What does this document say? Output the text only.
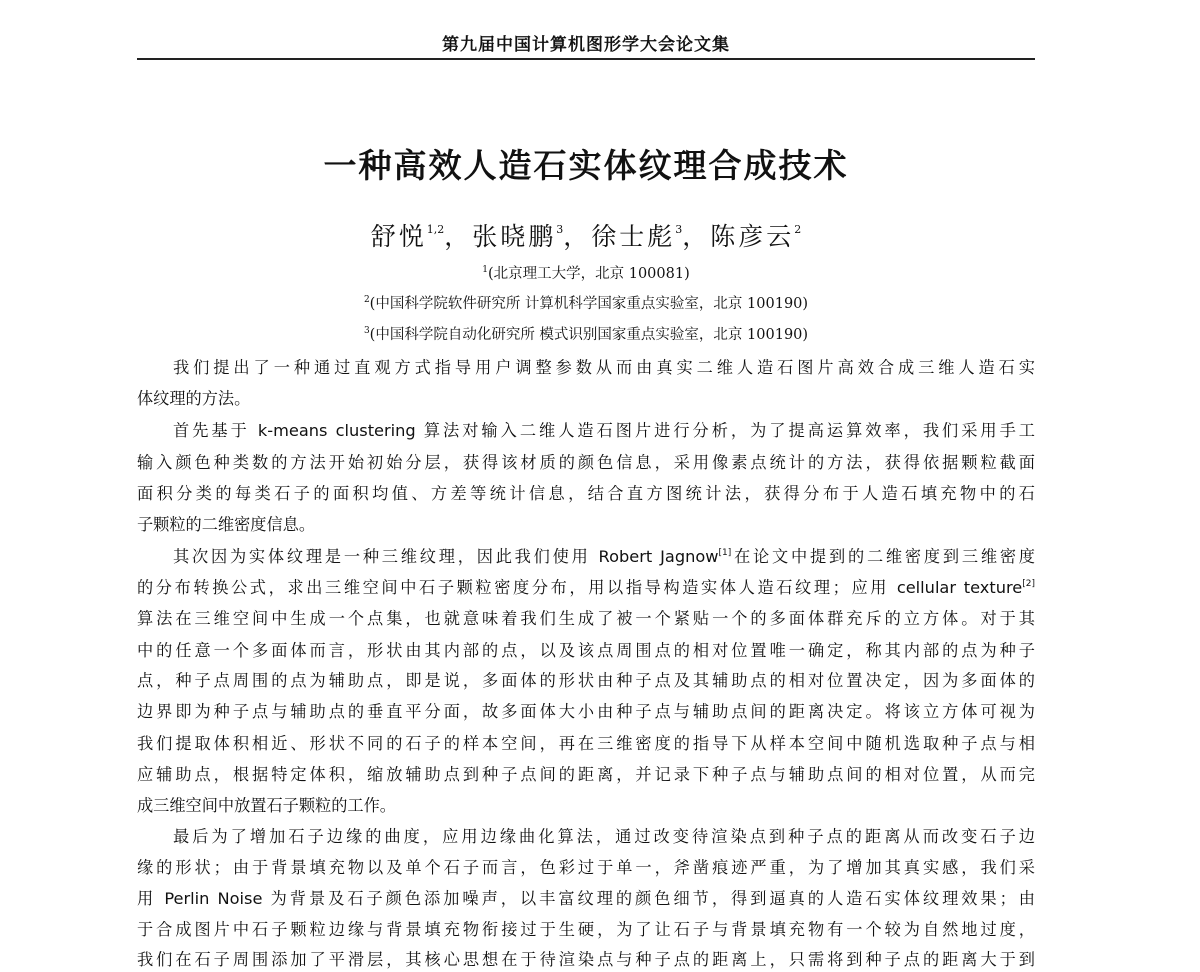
第九届中国计算机图形学大会论文集
一种高效人造石实体纹理合成技术
舒悦$^{1,2}$，张晓鹏$^3$，徐士彪$^3$，陈彦云$^2$
$^1$(北京理工大学，北京 100081)
$^2$(中国科学院软件研究所 计算机科学国家重点实验室，北京 100190)
$^3$(中国科学院自动化研究所 模式识别国家重点实验室，北京 100190)
我们提出了一种通过直观方式指导用户调整参数从而由真实二维人造石图片高效合成三维人造石实
体纹理的方法。
首先基于 k-means clustering 算法对输入二维人造石图片进行分析，为了提高运算效率，我们采用手工
输入颜色种类数的方法开始初始分层，获得该材质的颜色信息，采用像素点统计的方法，获得依据颗粒截面
面积分类的每类石子的面积均值、方差等统计信息，结合直方图统计法，获得分布于人造石填充物中的石
子颗粒的二维密度信息。
其次因为实体纹理是一种三维纹理，因此我们使用 Robert Jagnow[1]在论文中提到的二维密度到三维密度
的分布转换公式，求出三维空间中石子颗粒密度分布，用以指导构造实体人造石纹理；应用 cellular texture[2]
算法在三维空间中生成一个点集，也就意味着我们生成了被一个紧贴一个的多面体群充斥的立方体。对于其
中的任意一个多面体而言，形状由其内部的点，以及该点周围点的相对位置唯一确定，称其内部的点为种子
点，种子点周围的点为辅助点，即是说，多面体的形状由种子点及其辅助点的相对位置决定，因为多面体的
边界即为种子点与辅助点的垂直平分面，故多面体大小由种子点与辅助点间的距离决定。将该立方体可视为
我们提取体积相近、形状不同的石子的样本空间，再在三维密度的指导下从样本空间中随机选取种子点与相
应辅助点，根据特定体积，缩放辅助点到种子点间的距离，并记录下种子点与辅助点间的相对位置，从而完
成三维空间中放置石子颗粒的工作。
最后为了增加石子边缘的曲度，应用边缘曲化算法，通过改变待渲染点到种子点的距离从而改变石子边
缘的形状；由于背景填充物以及单个石子而言，色彩过于单一，斧凿痕迹严重，为了增加其真实感，我们采
用 Perlin Noise 为背景及石子颜色添加噪声，以丰富纹理的颜色细节，得到逼真的人造石实体纹理效果；由
于合成图片中石子颗粒边缘与背景填充物衔接过于生硬，为了让石子与背景填充物有一个较为自然地过度，
我们在石子周围添加了平滑层，其核心思想在于待渲染点与种子点的距离上，只需将到种子点的距离大于到
